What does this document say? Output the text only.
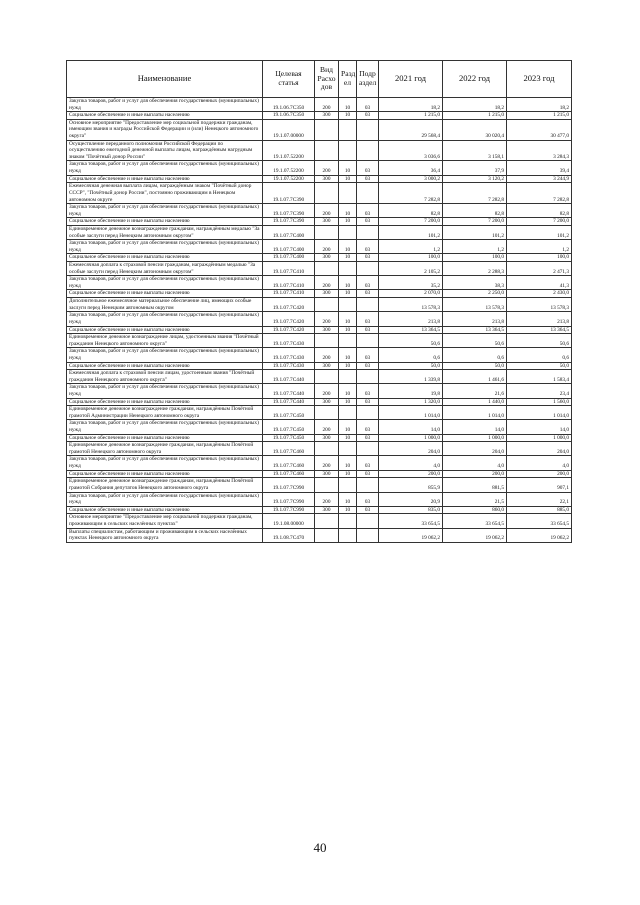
Наименование	Целевая статья	Вид Расхо дов	Разд ел	Подр аздел	2021 год	2022 год	2023 год
Закупка товаров, работ и услуг для обеспечения государственных (муниципальных) нужд	19.1.06.7С350	200	10	03	18,2	18,2	18,2
Социальное обеспечение и иные выплаты населению	19.1.06.7С350	300	10	03	1 215,0	1 215,0	1 215,0
Основное мероприятие "Предоставление мер социальной поддержки гражданам, имеющим звания и награды Российской Федерации и (или) Ненецкого автономного округа"	19.1.07.00000				29 568,4	30 020,4	30 477,0
Осуществление переданного полномочия Российской Федерации по осуществлению ежегодной денежной выплаты лицам, награждённым нагрудным знаком "Почётный донор России"	19.1.07.52200				3 036,6	3 158,1	3 284,3
Закупка товаров, работ и услуг для обеспечения государственных (муниципальных) нужд	19.1.07.52200	200	10	03	36,4	37,9	39,4
Социальное обеспечение и иные выплаты населению	19.1.07.52200	300	10	03	3 000,2	3 120,2	3 244,9
Ежемесячная денежная выплата лицам, награждённым знаком "Почётный донор СССР", "Почётный донор России", постоянно проживающим в Ненецком автономном округе	19.1.07.7С390				7 282,8	7 282,8	7 282,8
Закупка товаров, работ и услуг для обеспечения государственных (муниципальных) нужд	19.1.07.7С390	200	10	03	82,8	82,8	82,8
Социальное обеспечение и иные выплаты населению	19.1.07.7С390	300	10	03	7 200,0	7 200,0	7 200,0
Единовременное денежное вознаграждение гражданам, награждённым медалью "За особые заслуги перед Ненецким автономным округом"	19.1.07.7С400				101,2	101,2	101,2
Закупка товаров, работ и услуг для обеспечения государственных (муниципальных) нужд	19.1.07.7С400	200	10	03	1,2	1,2	1,2
Социальное обеспечение и иные выплаты населению	19.1.07.7С400	300	10	03	100,0	100,0	100,0
Ежемесячная доплата к страховой пенсии гражданам, награждённым медалью "За особые заслуги перед Ненецким автономным округом"	19.1.07.7С410				2 105,2	2 288,3	2 471,3
Закупка товаров, работ и услуг для обеспечения государственных (муниципальных) нужд	19.1.07.7С410	200	10	03	35,2	38,3	41,3
Социальное обеспечение и иные выплаты населению	19.1.07.7С410	300	10	03	2 070,0	2 250,0	2 430,0
Дополнительное ежемесячное материальное обеспечение лиц, имеющих особые заслуги перед Ненецким автономным округом	19.1.07.7С420				13 578,3	13 578,3	13 578,3
Закупка товаров, работ и услуг для обеспечения государственных (муниципальных) нужд	19.1.07.7С420	200	10	03	213,8	213,8	213,8
Социальное обеспечение и иные выплаты населению	19.1.07.7С420	300	10	03	13 364,5	13 364,5	13 364,5
Единовременное денежное вознаграждение лицам, удостоенным звания "Почётный гражданин Ненецкого автономного округа"	19.1.07.7С430				50,6	50,6	50,6
Закупка товаров, работ и услуг для обеспечения государственных (муниципальных) нужд	19.1.07.7С430	200	10	03	0,6	0,6	0,6
Социальное обеспечение и иные выплаты населению	19.1.07.7С430	300	10	03	50,0	50,0	50,0
Ежемесячная доплата к страховой пенсии лицам, удостоенным звания "Почётный гражданин Ненецкого автономного округа"	19.1.07.7С440				1 339,8	1 461,6	1 583,4
Закупка товаров, работ и услуг для обеспечения государственных (муниципальных) нужд	19.1.07.7С440	200	10	03	19,8	21,6	23,4
Социальное обеспечение и иные выплаты населению	19.1.07.7С440	300	10	03	1 320,0	1 440,0	1 560,0
Единовременное денежное вознаграждение гражданам, награждённым Почётной грамотой Администрации Ненецкого автономного округа	19.1.07.7С450				1 014,0	1 014,0	1 014,0
Закупка товаров, работ и услуг для обеспечения государственных (муниципальных) нужд	19.1.07.7С450	200	10	03	14,0	14,0	14,0
Социальное обеспечение и иные выплаты населению	19.1.07.7С450	300	10	03	1 000,0	1 000,0	1 000,0
Единовременное денежное вознаграждение гражданам, награждённым Почётной грамотой Ненецкого автономного округа	19.1.07.7С460				204,0	204,0	204,0
Закупка товаров, работ и услуг для обеспечения государственных (муниципальных) нужд	19.1.07.7С460	200	10	03	4,0	4,0	4,0
Социальное обеспечение и иные выплаты населению	19.1.07.7С460	300	10	03	200,0	200,0	200,0
Единовременное денежное вознаграждение гражданам, награждённым Почётной грамотой Собрания депутатов Ненецкого автономного округа	19.1.07.7С990				855,9	881,5	907,1
Закупка товаров, работ и услуг для обеспечения государственных (муниципальных) нужд	19.1.07.7С990	200	10	03	20,9	21,5	22,1
Социальное обеспечение и иные выплаты населению	19.1.07.7С990	300	10	03	835,0	860,0	885,0
Основное мероприятие "Предоставление мер социальной поддержки гражданам, проживающим в сельских населённых пунктах"	19.1.08.00000				33 654,5	33 654,5	33 654,5
Выплаты специалистам, работающим и проживающим в сельских населённых пунктах Ненецкого автономного округа	19.1.08.7С470				19 062,2	19 062,2	19 062,2
40
